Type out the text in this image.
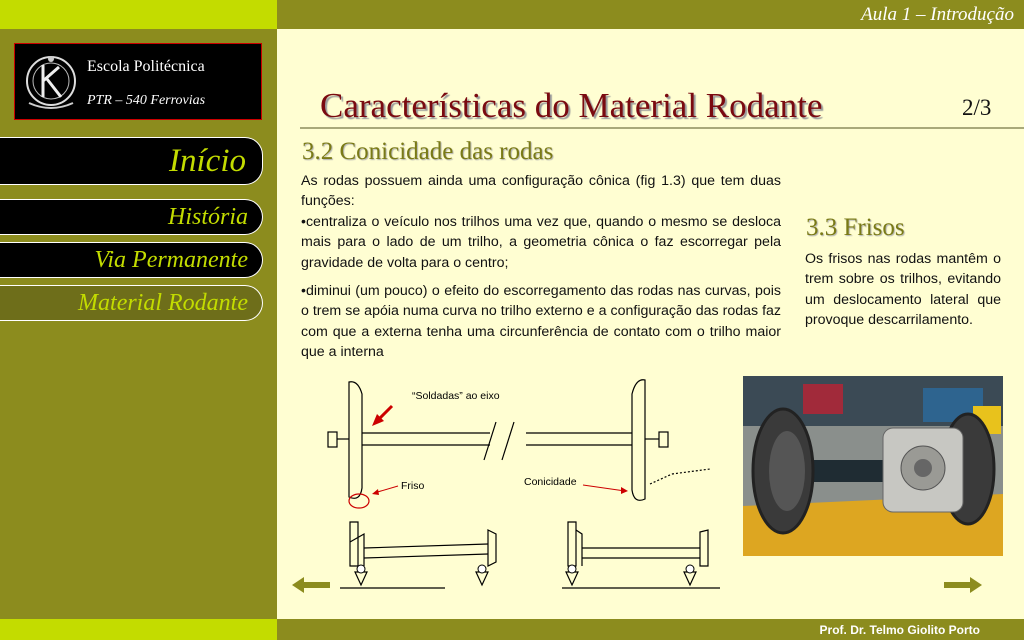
Aula 1 – Introdução
Prof. Dr. Telmo Giolito Porto
Escola Politécnica
PTR – 540 Ferrovias
Início
História
Via Permanente
Material Rodante
Características do Material Rodante	2/3
3.2 Conicidade das rodas

As rodas possuem ainda uma configuração cônica (fig 1.3) que tem duas funções:

•centraliza o veículo nos trilhos uma vez que, quando o mesmo se desloca mais para o lado de um trilho, a geometria cônica o faz escorregar pela gravidade de volta para o centro;

•diminui (um pouco) o efeito do escorregamento das rodas nas curvas, pois o trem se apóia numa curva no trilho externo e a configuração das rodas faz com que a externa tenha uma circunferência de contato com o trilho maior que a interna

3.3 Frisos

Os frisos nas rodas mantêm o trem sobre os trilhos, evitando um deslocamento lateral que provoque descarrilamento.

“Soldadas” ao eixo
Friso	Conicidade
